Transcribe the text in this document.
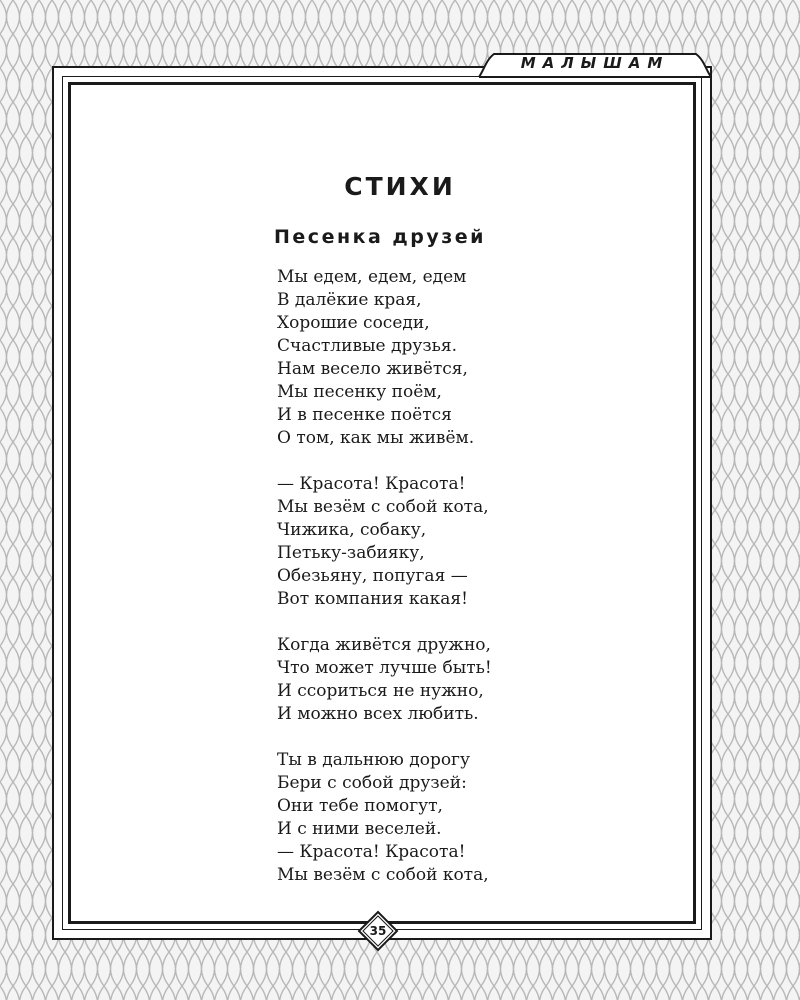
МАЛЫШАМ
СТИХИ
Песенка друзей
Мы едем, едем, едем
В далёкие края,
Хорошие соседи,
Счастливые друзья.
Нам весело живётся,
Мы песенку поём,
И в песенке поётся
О том, как мы живём.
— Красота! Красота!
Мы везём с собой кота,
Чижика, собаку,
Петьку-забияку,
Обезьяну, попугая —
Вот компания какая!
Когда живётся дружно,
Что может лучше быть!
И ссориться не нужно,
И можно всех любить.
Ты в дальнюю дорогу
Бери с собой друзей:
Они тебе помогут,
И с ними веселей.
— Красота! Красота!
Мы везём с собой кота,
35
